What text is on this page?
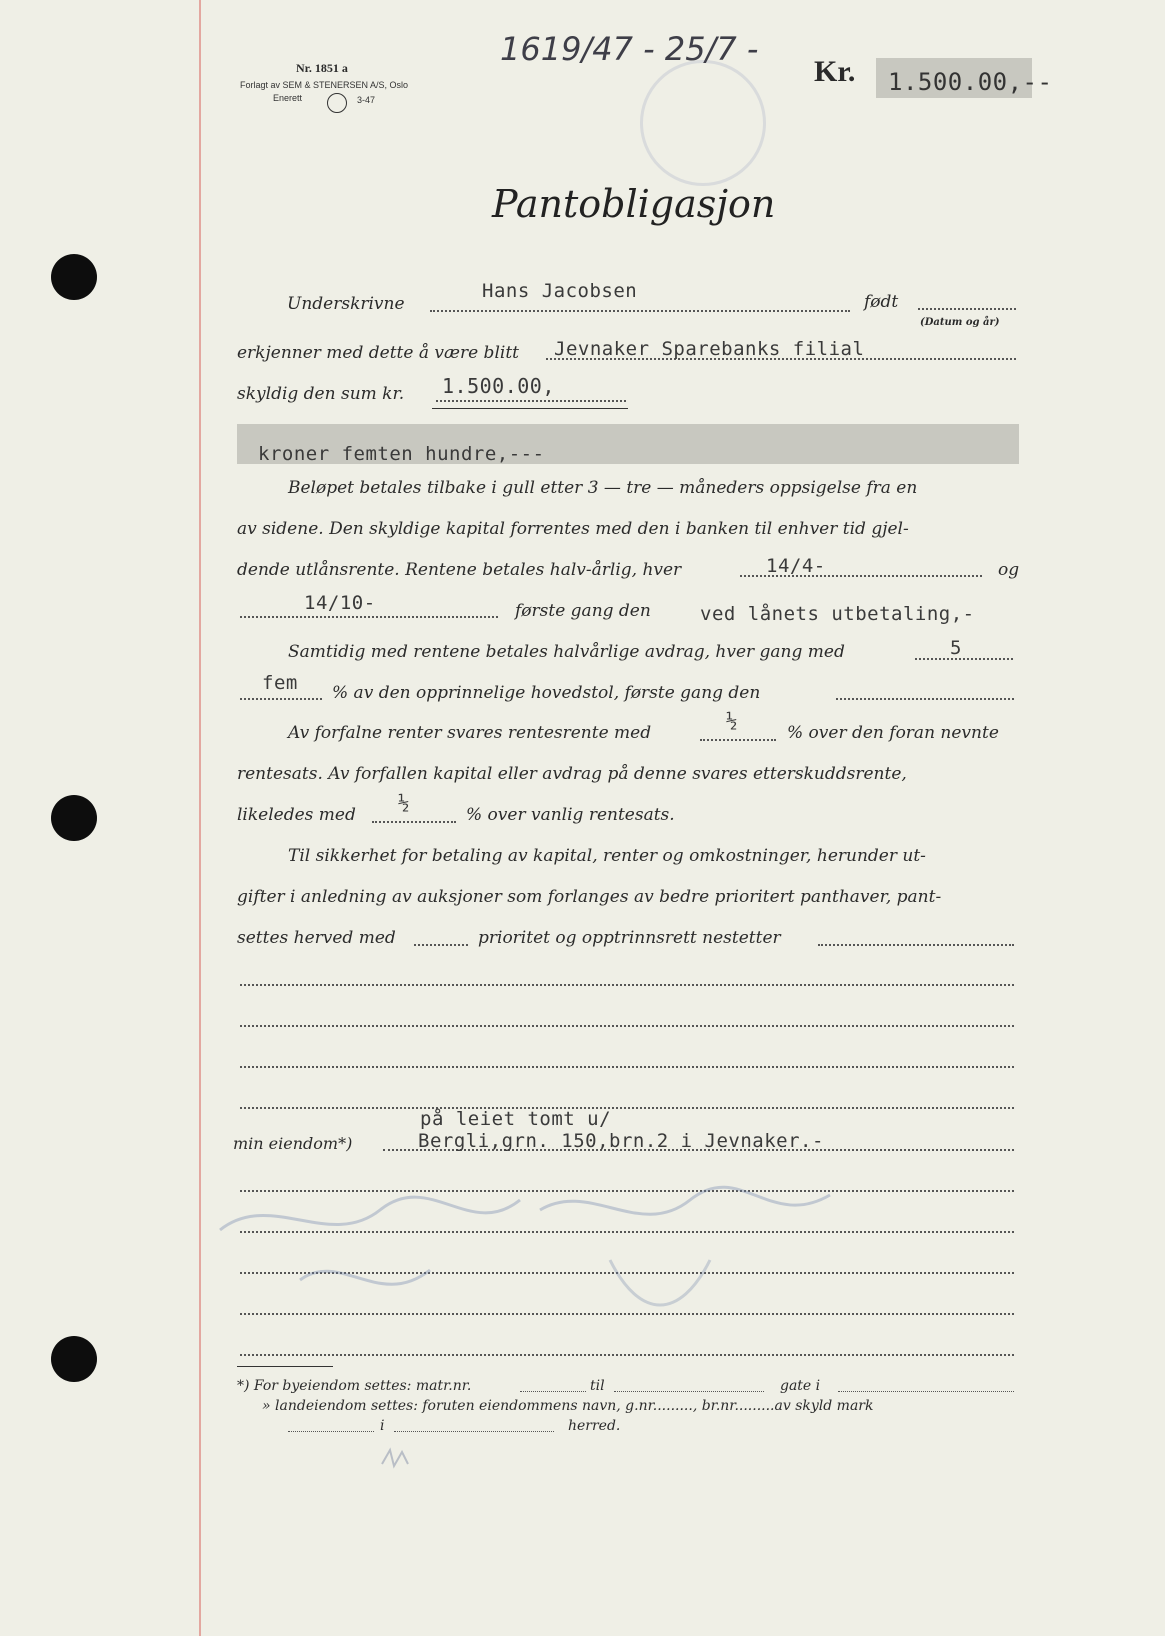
Nr. 1851 a
Forlagt av SEM & STENERSEN A/S, Oslo
Enerett	3-47
1619/47 - 25/7 -
Kr. 1.500.00,--
Pantobligasjon
Underskrivne
Hans Jacobsen	født
(Datum og år)
erkjenner med dette å være blitt Jevnaker Sparebanks filial
skyldig den sum kr. 1.500.00,
kroner femten hundre,---
Beløpet betales tilbake i gull etter 3 — tre — måneders oppsigelse fra en
av sidene. Den skyldige kapital forrentes med den i banken til enhver tid gjel-
dende utlånsrente. Rentene betales halv-årlig, hver	14/4-	og
14/10-	første gang den	ved lånets utbetaling,-
Samtidig med rentene betales halvårlige avdrag, hver gang med	5
fem % av den opprinnelige hovedstol, første gang den
Av forfalne renter svares rentesrente med
½
% over den foran nevnte
rentesats. Av forfallen kapital eller avdrag på denne svares etterskuddsrente,
likeledes med
½
% over vanlig rentesats.
Til sikkerhet for betaling av kapital, renter og omkostninger, herunder ut-
gifter i anledning av auksjoner som forlanges av bedre prioritert panthaver, pant-
settes herved med	prioritet og opptrinnsrett nestetter
på leiet tomt u/
min eiendom*)	Bergli,grn. 150,brn.2 i Jevnaker.-
*) For byeiendom settes: matr.nr.	til	gate i
» landeiendom settes: foruten eiendommens navn, g.nr........., br.nr.........av skyld mark
i	herred.
